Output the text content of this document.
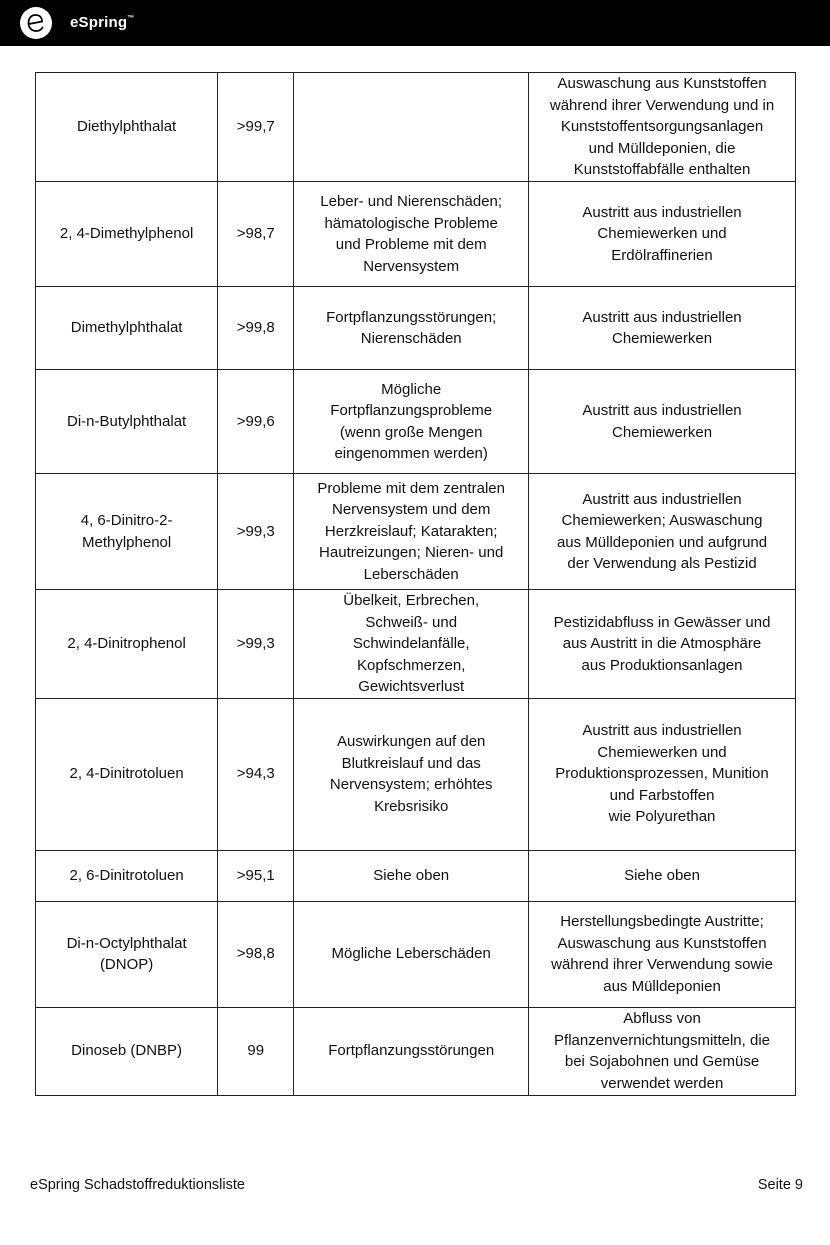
eSpring™
Diethylphthalat	>99,7		Auswaschung aus Kunststoffen
während ihrer Verwendung und in
Kunststoffentsorgungsanlagen
und Mülldeponien, die
Kunststoffabfälle enthalten
2, 4-Dimethylphenol	>98,7	Leber- und Nierenschäden;
hämatologische Probleme
und Probleme mit dem
Nervensystem	Austritt aus industriellen
Chemiewerken und
Erdölraffinerien
Dimethylphthalat	>99,8	Fortpflanzungsstörungen;
Nierenschäden	Austritt aus industriellen
Chemiewerken
Di-n-Butylphthalat	>99,6	Mögliche
Fortpflanzungsprobleme
(wenn große Mengen
eingenommen werden)	Austritt aus industriellen
Chemiewerken
4, 6-Dinitro-2-
Methylphenol	>99,3	Probleme mit dem zentralen
Nervensystem und dem
Herzkreislauf; Katarakten;
Hautreizungen; Nieren- und
Leberschäden	Austritt aus industriellen
Chemiewerken; Auswaschung
aus Mülldeponien und aufgrund
der Verwendung als Pestizid
2, 4-Dinitrophenol	>99,3	Übelkeit, Erbrechen,
Schweiß- und
Schwindelanfälle,
Kopfschmerzen,
Gewichtsverlust	Pestizidabfluss in Gewässer und
aus Austritt in die Atmosphäre
aus Produktionsanlagen
2, 4-Dinitrotoluen	>94,3	Auswirkungen auf den
Blutkreislauf und das
Nervensystem; erhöhtes
Krebsrisiko	Austritt aus industriellen
Chemiewerken und
Produktionsprozessen, Munition
und Farbstoffen
wie Polyurethan
2, 6-Dinitrotoluen	>95,1	Siehe oben	Siehe oben
Di-n-Octylphthalat
(DNOP)	>98,8	Mögliche Leberschäden	Herstellungsbedingte Austritte;
Auswaschung aus Kunststoffen
während ihrer Verwendung sowie
aus Mülldeponien
Dinoseb (DNBP)	99	Fortpflanzungsstörungen	Abfluss von
Pflanzenvernichtungsmitteln, die
bei Sojabohnen und Gemüse
verwendet werden
eSpring Schadstoffreduktionsliste	Seite 9
